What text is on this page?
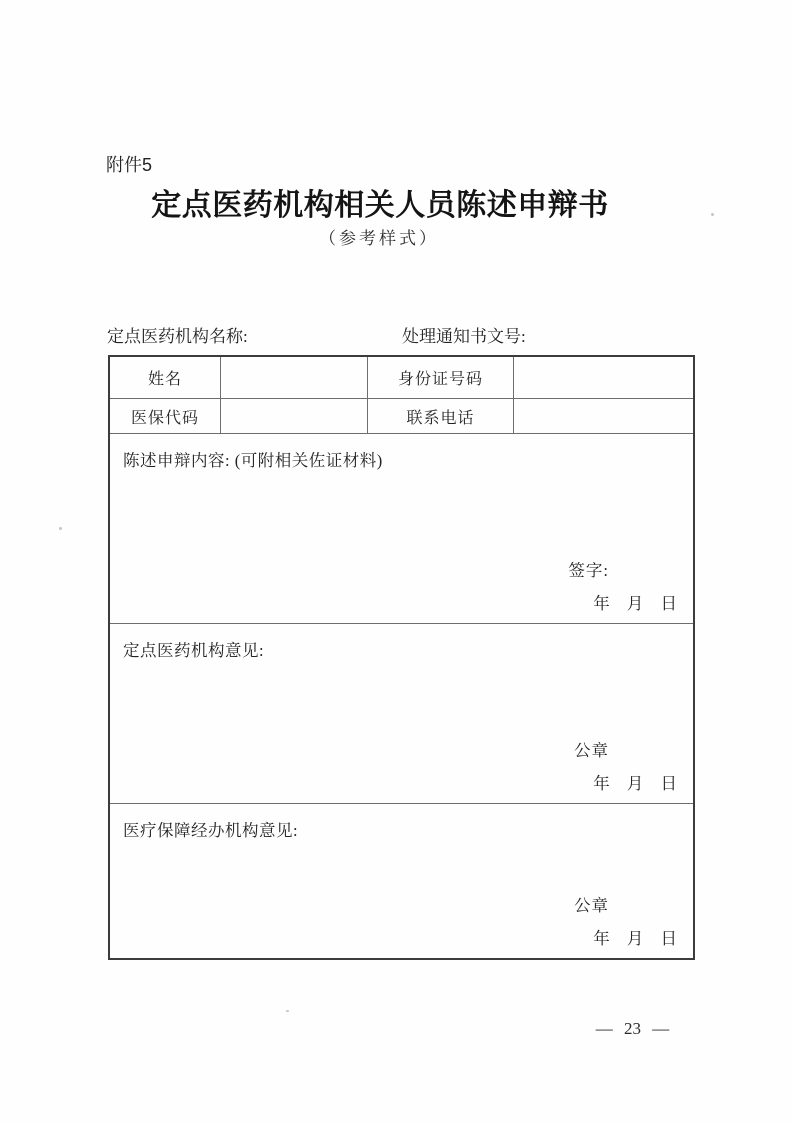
附件5
定点医药机构相关人员陈述申辩书
（参考样式）
定点医药机构名称:	处理通知书文号:
姓名	身份证号码
医保代码	联系电话
陈述申辩内容: (可附相关佐证材料)
签字:
年 月 日
定点医药机构意见:
公章
年 月 日
医疗保障经办机构意见:
公章
年 月 日
— 23 —
